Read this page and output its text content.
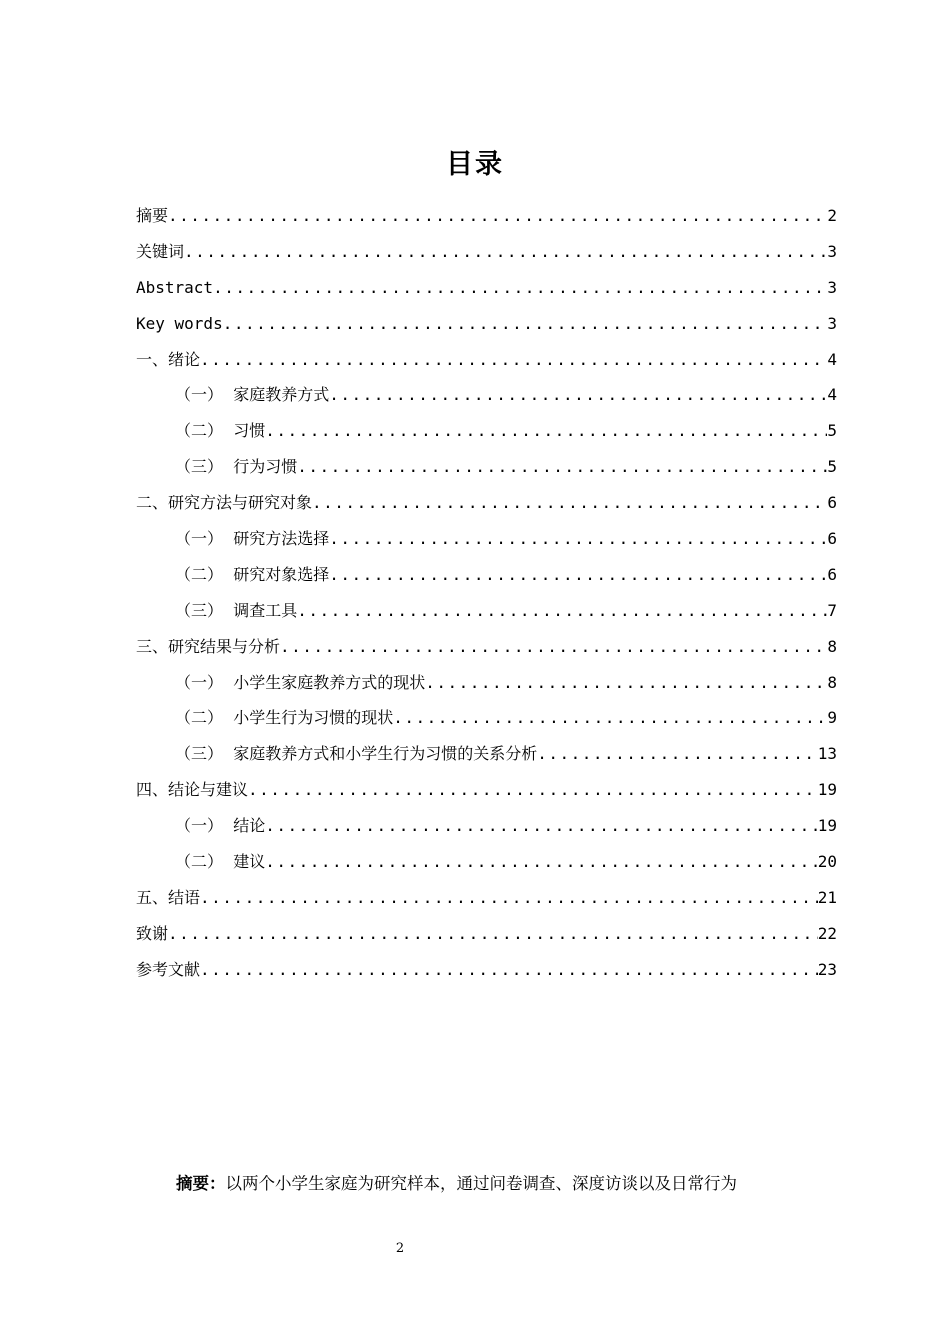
目录
摘要 .....	2
关键词 .....	3
Abstract .....	3
Key words .....	3
一、 绪论 .....	4
（一） 家庭教养方式 .....	4
（二） 习惯 .....	5
（三） 行为习惯 .....	5
二、 研究方法与研究对象 .....	6
（一） 研究方法选择 .....	6
（二） 研究对象选择 .....	6
（三） 调查工具 .....	7
三、 研究结果与分析 .....	8
（一） 小学生家庭教养方式的现状 .....	8
（二） 小学生行为习惯的现状 .....	9
（三） 家庭教养方式和小学生行为习惯的关系分析 .....	13
四、 结论与建议 .....	19
（一） 结论 .....	19
（二） 建议 .....	20
五、 结语 .....	21
致谢 .....	22
参考文献 .....	23
摘要：以两个小学生家庭为研究样本，通过问卷调查、深度访谈以及日常行为
2
